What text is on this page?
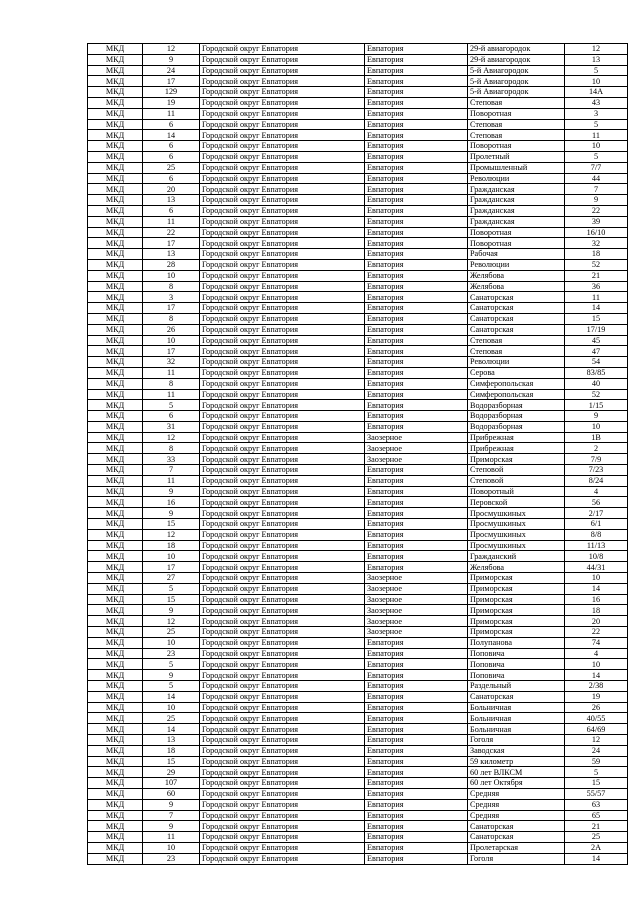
МКД	12	Городской округ Евпатория	Евпатория	29-й авиагородок	12
МКД	9	Городской округ Евпатория	Евпатория	29-й авиагородок	13
МКД	24	Городской округ Евпатория	Евпатория	5-й Авиагородок	5
МКД	17	Городской округ Евпатория	Евпатория	5-й Авиагородок	10
МКД	129	Городской округ Евпатория	Евпатория	5-й Авиагородок	14А
МКД	19	Городской округ Евпатория	Евпатория	Степовая	43
МКД	11	Городской округ Евпатория	Евпатория	Поворотная	3
МКД	6	Городской округ Евпатория	Евпатория	Степовая	5
МКД	14	Городской округ Евпатория	Евпатория	Степовая	11
МКД	6	Городской округ Евпатория	Евпатория	Поворотная	10
МКД	6	Городской округ Евпатория	Евпатория	Пролетный	5
МКД	25	Городской округ Евпатория	Евпатория	Промышленный	7/7
МКД	6	Городской округ Евпатория	Евпатория	Революции	44
МКД	20	Городской округ Евпатория	Евпатория	Гражданская	7
МКД	13	Городской округ Евпатория	Евпатория	Гражданская	9
МКД	6	Городской округ Евпатория	Евпатория	Гражданская	22
МКД	11	Городской округ Евпатория	Евпатория	Гражданская	39
МКД	22	Городской округ Евпатория	Евпатория	Поворотная	16/10
МКД	17	Городской округ Евпатория	Евпатория	Поворотная	32
МКД	13	Городской округ Евпатория	Евпатория	Рабочая	18
МКД	28	Городской округ Евпатория	Евпатория	Революции	52
МКД	10	Городской округ Евпатория	Евпатория	Желябова	21
МКД	8	Городской округ Евпатория	Евпатория	Желябова	36
МКД	3	Городской округ Евпатория	Евпатория	Санаторская	11
МКД	17	Городской округ Евпатория	Евпатория	Санаторская	14
МКД	8	Городской округ Евпатория	Евпатория	Санаторская	15
МКД	26	Городской округ Евпатория	Евпатория	Санаторская	17/19
МКД	10	Городской округ Евпатория	Евпатория	Степовая	45
МКД	17	Городской округ Евпатория	Евпатория	Степовая	47
МКД	32	Городской округ Евпатория	Евпатория	Революции	54
МКД	11	Городской округ Евпатория	Евпатория	Серова	83/85
МКД	8	Городской округ Евпатория	Евпатория	Симферопольская	40
МКД	11	Городской округ Евпатория	Евпатория	Симферопольская	52
МКД	5	Городской округ Евпатория	Евпатория	Водоразборная	1/15
МКД	6	Городской округ Евпатория	Евпатория	Водоразборная	9
МКД	31	Городской округ Евпатория	Евпатория	Водоразборная	10
МКД	12	Городской округ Евпатория	Заозерное	Прибрежная	1В
МКД	8	Городской округ Евпатория	Заозерное	Прибрежная	2
МКД	33	Городской округ Евпатория	Заозерное	Приморская	7/9
МКД	7	Городской округ Евпатория	Евпатория	Степовой	7/23
МКД	11	Городской округ Евпатория	Евпатория	Степовой	8/24
МКД	9	Городской округ Евпатория	Евпатория	Поворотный	4
МКД	16	Городской округ Евпатория	Евпатория	Перовской	56
МКД	9	Городской округ Евпатория	Евпатория	Просмушкиных	2/17
МКД	15	Городской округ Евпатория	Евпатория	Просмушкиных	6/1
МКД	12	Городской округ Евпатория	Евпатория	Просмушкиных	8/8
МКД	18	Городской округ Евпатория	Евпатория	Просмушкиных	11/13
МКД	10	Городской округ Евпатория	Евпатория	Гражданский	10/8
МКД	17	Городской округ Евпатория	Евпатория	Желябова	44/31
МКД	27	Городской округ Евпатория	Заозерное	Приморская	10
МКД	5	Городской округ Евпатория	Заозерное	Приморская	14
МКД	15	Городской округ Евпатория	Заозерное	Приморская	16
МКД	9	Городской округ Евпатория	Заозерное	Приморская	18
МКД	12	Городской округ Евпатория	Заозерное	Приморская	20
МКД	25	Городской округ Евпатория	Заозерное	Приморская	22
МКД	10	Городской округ Евпатория	Евпатория	Полупанова	74
МКД	23	Городской округ Евпатория	Евпатория	Поповича	4
МКД	5	Городской округ Евпатория	Евпатория	Поповича	10
МКД	9	Городской округ Евпатория	Евпатория	Поповича	14
МКД	5	Городской округ Евпатория	Евпатория	Раздельный	2/38
МКД	14	Городской округ Евпатория	Евпатория	Санаторская	19
МКД	10	Городской округ Евпатория	Евпатория	Больничная	26
МКД	25	Городской округ Евпатория	Евпатория	Больничная	40/55
МКД	14	Городской округ Евпатория	Евпатория	Больничная	64/69
МКД	13	Городской округ Евпатория	Евпатория	Гоголя	12
МКД	18	Городской округ Евпатория	Евпатория	Заводская	24
МКД	15	Городской округ Евпатория	Евпатория	59 километр	59
МКД	29	Городской округ Евпатория	Евпатория	60 лет ВЛКСМ	5
МКД	107	Городской округ Евпатория	Евпатория	60 лет Октября	15
МКД	60	Городской округ Евпатория	Евпатория	Средняя	55/57
МКД	9	Городской округ Евпатория	Евпатория	Средняя	63
МКД	7	Городской округ Евпатория	Евпатория	Средняя	65
МКД	9	Городской округ Евпатория	Евпатория	Санаторская	21
МКД	11	Городской округ Евпатория	Евпатория	Санаторская	25
МКД	10	Городской округ Евпатория	Евпатория	Пролетарская	2А
МКД	23	Городской округ Евпатория	Евпатория	Гоголя	14
